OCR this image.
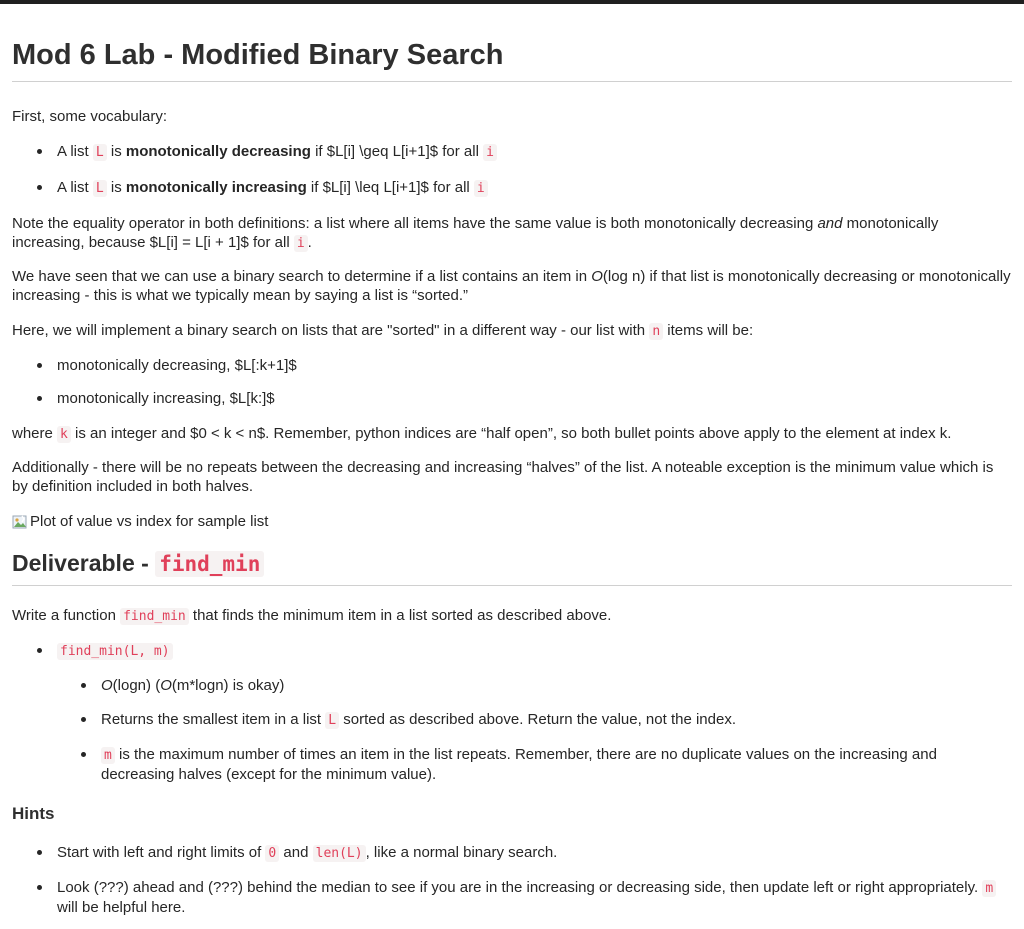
Mod 6 Lab - Modified Binary Search

First, some vocabulary:

A list L is monotonically decreasing if $L[i] \geq L[i+1]$ for all i
A list L is monotonically increasing if $L[i] \leq L[i+1]$ for all i

Note the equality operator in both definitions: a list where all items have the same value is both monotonically decreasing and monotonically increasing, because $L[i] = L[i + 1]$ for all i .

We have seen that we can use a binary search to determine if a list contains an item in O(log n) if that list is monotonically decreasing or monotonically increasing - this is what we typically mean by saying a list is “sorted.”

Here, we will implement a binary search on lists that are "sorted" in a different way - our list with n items will be:

monotonically decreasing, $L[:k+1]$
monotonically increasing, $L[k:]$

where k is an integer and $0 < k < n$. Remember, python indices are “half open”, so both bullet points above apply to the element at index k.

Additionally - there will be no repeats between the decreasing and increasing “halves” of the list. A noteable exception is the minimum value which is by definition included in both halves.

Plot of value vs index for sample list
Deliverable - find_min

Write a function find_min that finds the minimum item in a list sorted as described above.

find_min(L, m)
O(logn) (O(m*logn) is okay)
Returns the smallest item in a list L sorted as described above. Return the value, not the index.
m is the maximum number of times an item in the list repeats. Remember, there are no duplicate values on the increasing and decreasing halves (except for the minimum value).
Hints
Start with left and right limits of 0 and len(L) , like a normal binary search.
Look (???) ahead and (???) behind the median to see if you are in the increasing or decreasing side, then update left or right appropriately. m will be helpful here.
